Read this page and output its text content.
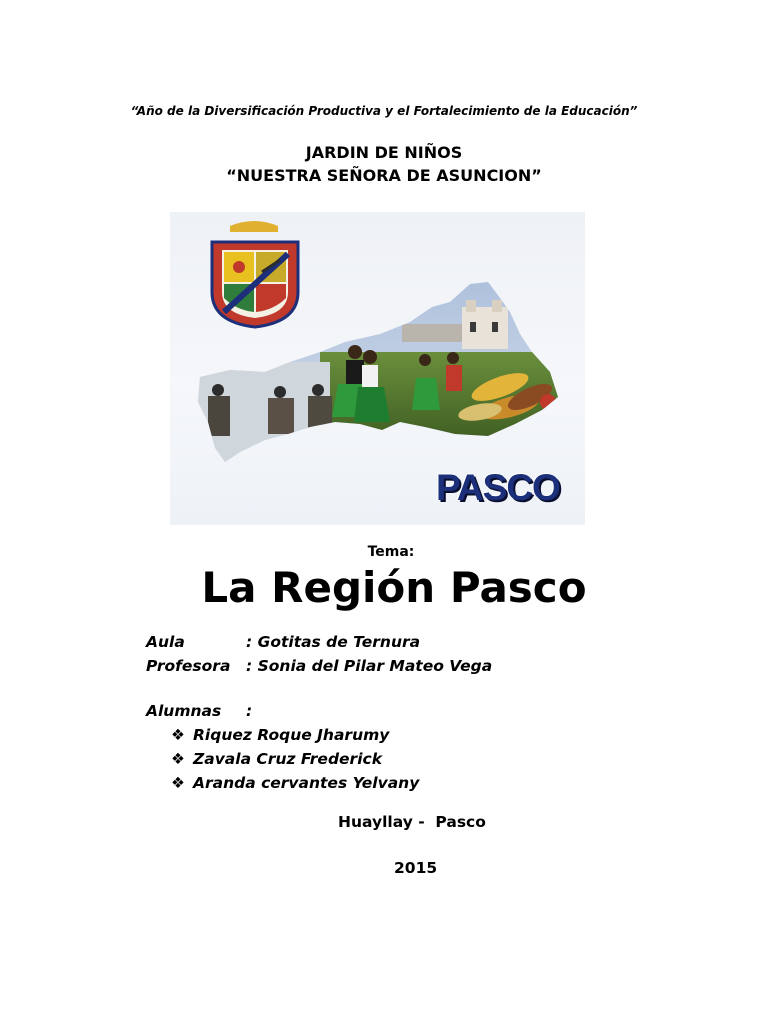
“Año de la Diversificación Productiva y el Fortalecimiento de la Educación”
JARDIN DE NIÑOS
“NUESTRA SEÑORA DE ASUNCION”
PASCO
Tema:
La Región Pasco
Aula	: Gotitas de Ternura
Profesora : Sonia del Pilar Mateo Vega
Alumnas :
❖ Riquez Roque Jharumy
❖ Zavala Cruz Frederick
❖ Aranda cervantes Yelvany
Huayllay -  Pasco
2015
